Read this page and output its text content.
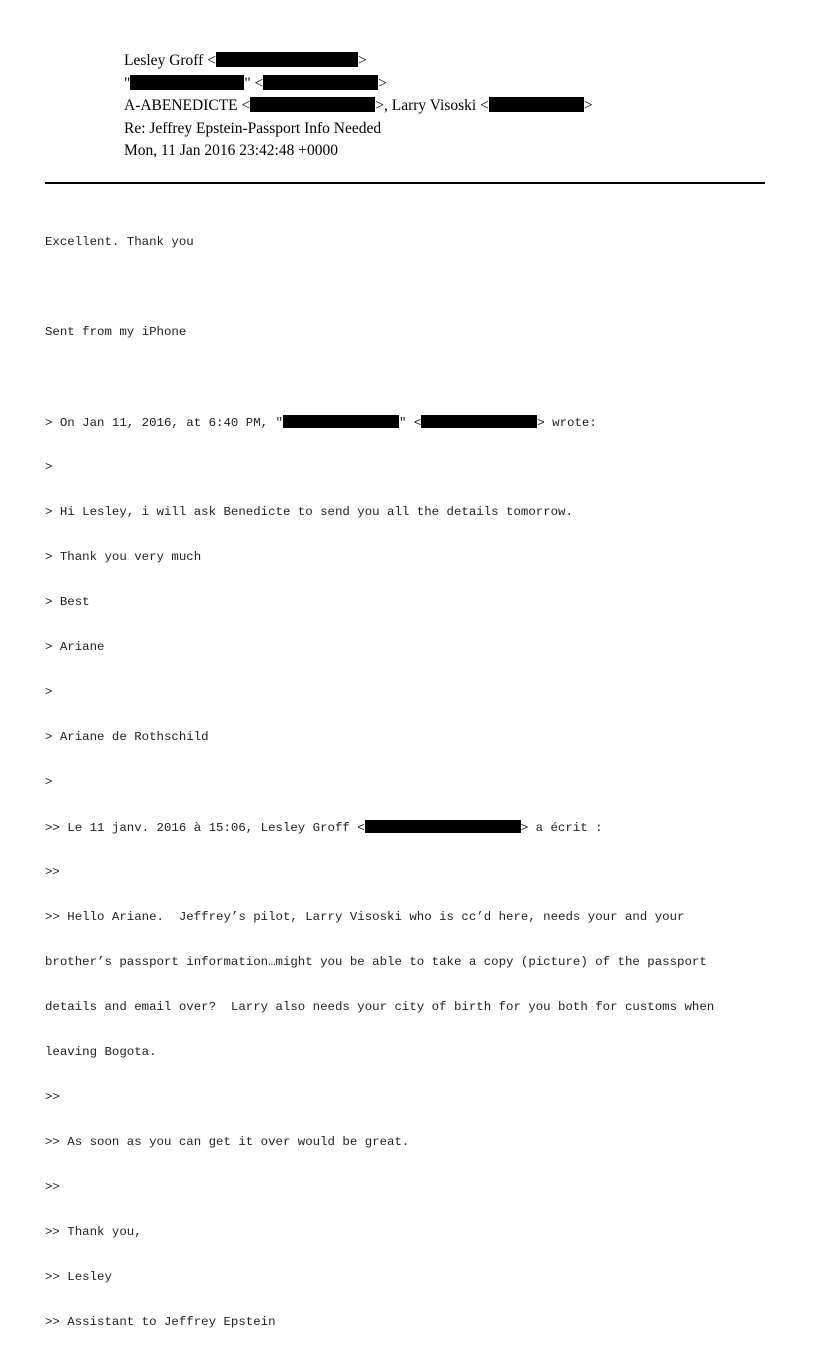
Lesley Groff <	>
"	" <	>
A-ABENEDICTE <	>, Larry Visoski <	>
Re: Jeffrey Epstein-Passport Info Needed
Mon, 11 Jan 2016 23:42:48 +0000

Excellent. Thank you

Sent from my iPhone

> On Jan 11, 2016, at 6:40 PM, "	" <	> wrote:

>

> Hi Lesley, i will ask Benedicte to send you all the details tomorrow.

> Thank you very much

> Best

> Ariane

>

> Ariane de Rothschild

>

>> Le 11 janv. 2016 à 15:06, Lesley Groff <	> a écrit :

>>

>> Hello Ariane.  Jeffrey’s pilot, Larry Visoski who is cc’d here, needs your and your

brother’s passport information…might you be able to take a copy (picture) of the passport

details and email over?  Larry also needs your city of birth for you both for customs when

leaving Bogota.

>>

>> As soon as you can get it over would be great.

>>

>> Thank you,

>> Lesley

>> Assistant to Jeffrey Epstein
